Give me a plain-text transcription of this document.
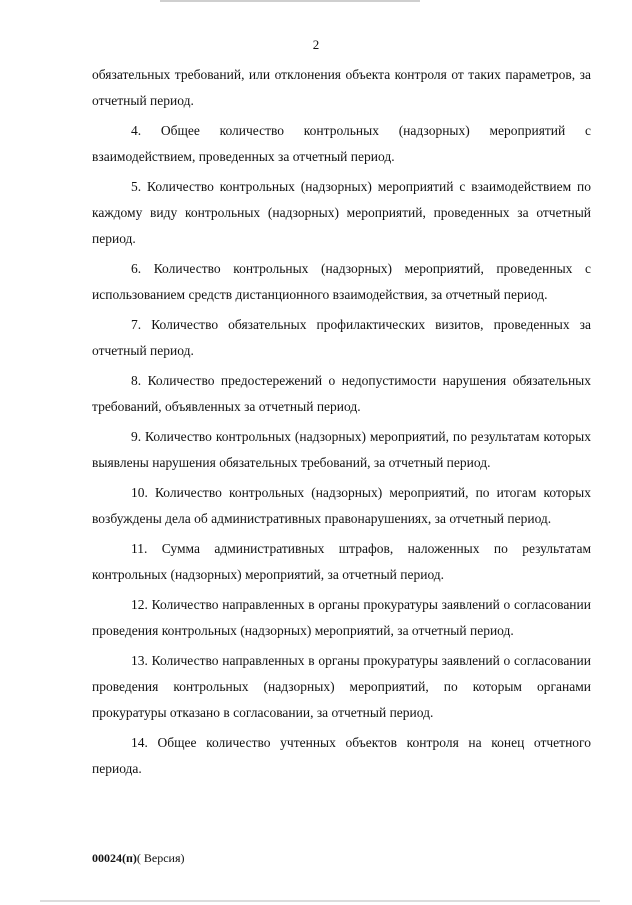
2

обязательных требований, или отклонения объекта контроля от таких параметров, за отчетный период.

4. Общее количество контрольных (надзорных) мероприятий с взаимодействием, проведенных за отчетный период.

5. Количество контрольных (надзорных) мероприятий с взаимодействием по каждому виду контрольных (надзорных) мероприятий, проведенных за отчетный период.

6. Количество контрольных (надзорных) мероприятий, проведенных с использованием средств дистанционного взаимодействия, за отчетный период.

7. Количество обязательных профилактических визитов, проведенных за отчетный период.

8. Количество предостережений о недопустимости нарушения обязательных требований, объявленных за отчетный период.

9. Количество контрольных (надзорных) мероприятий, по результатам которых выявлены нарушения обязательных требований, за отчетный период.

10. Количество контрольных (надзорных) мероприятий, по итогам которых возбуждены дела об административных правонарушениях, за отчетный период.

11. Сумма административных штрафов, наложенных по результатам контрольных (надзорных) мероприятий, за отчетный период.

12. Количество направленных в органы прокуратуры заявлений о согласовании проведения контрольных (надзорных) мероприятий, за отчетный период.

13. Количество направленных в органы прокуратуры заявлений о согласовании проведения контрольных (надзорных) мероприятий, по которым органами прокуратуры отказано в согласовании, за отчетный период.

14. Общее количество учтенных объектов контроля на конец отчетного периода.

00024(п)( Версия)
